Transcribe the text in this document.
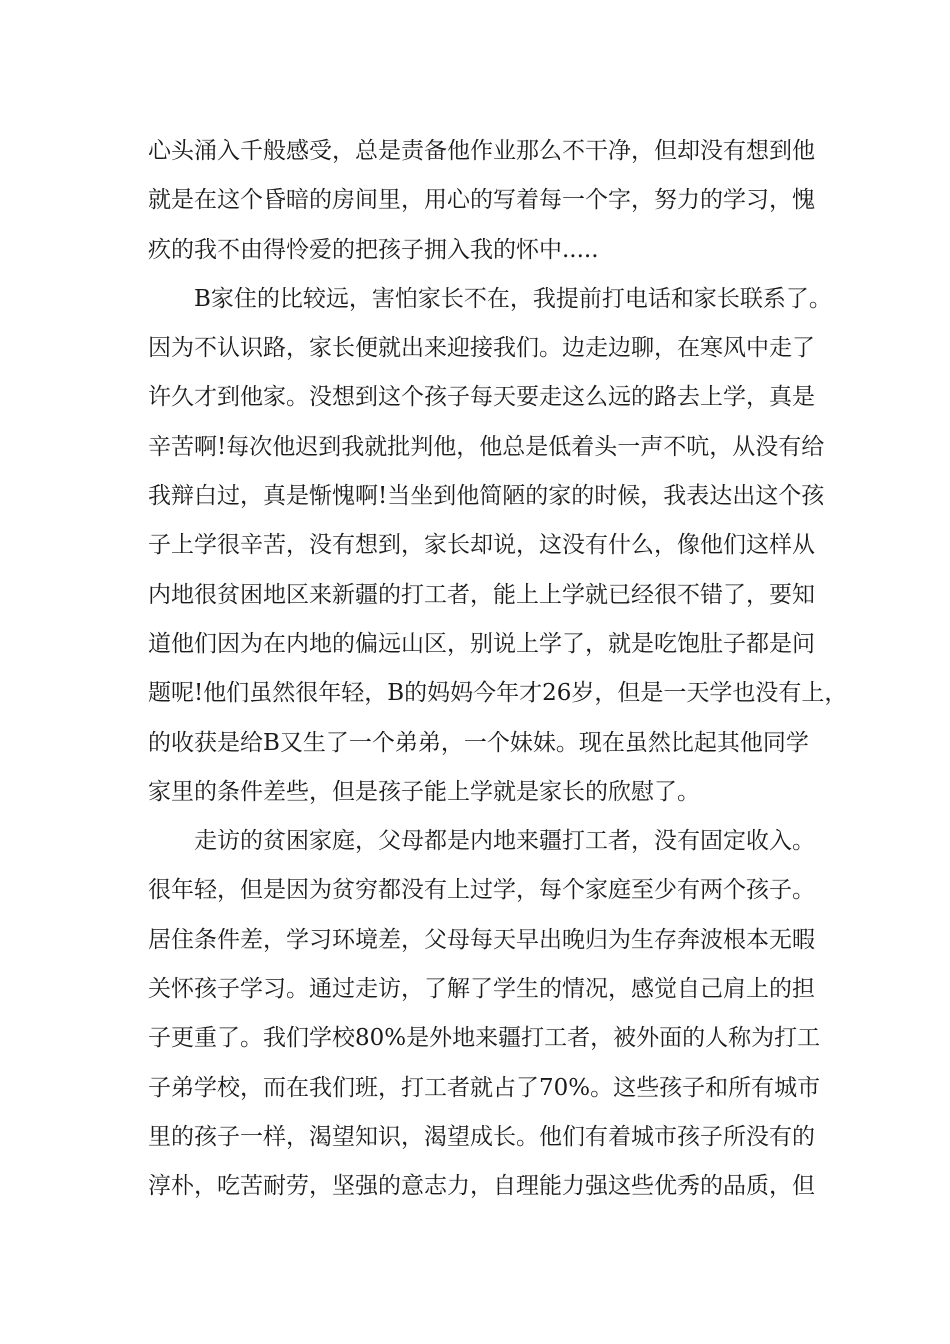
心头涌入千般感受，总是责备他作业那么不干净，但却没有想到他
就是在这个昏暗的房间里，用心的写着每一个字，努力的学习，愧
疚的我不由得怜爱的把孩子拥入我的怀中.....
B家住的比较远，害怕家长不在，我提前打电话和家长联系了。
因为不认识路，家长便就出来迎接我们。边走边聊，在寒风中走了
许久才到他家。没想到这个孩子每天要走这么远的路去上学，真是
辛苦啊!每次他迟到我就批判他，他总是低着头一声不吭，从没有给
我辩白过，真是惭愧啊!当坐到他简陋的家的时候，我表达出这个孩
子上学很辛苦，没有想到，家长却说，这没有什么，像他们这样从
内地很贫困地区来新疆的打工者，能上上学就已经很不错了，要知
道他们因为在内地的偏远山区，别说上学了，就是吃饱肚子都是问
题呢!他们虽然很年轻，B的妈妈今年才26岁，但是一天学也没有上，
的收获是给B又生了一个弟弟，一个妹妹。现在虽然比起其他同学
家里的条件差些，但是孩子能上学就是家长的欣慰了。
走访的贫困家庭，父母都是内地来疆打工者，没有固定收入。
很年轻，但是因为贫穷都没有上过学，每个家庭至少有两个孩子。
居住条件差，学习环境差，父母每天早出晚归为生存奔波根本无暇
关怀孩子学习。通过走访，了解了学生的情况，感觉自己肩上的担
子更重了。我们学校80%是外地来疆打工者，被外面的人称为打工
子弟学校，而在我们班，打工者就占了70%。这些孩子和所有城市
里的孩子一样，渴望知识，渴望成长。他们有着城市孩子所没有的
淳朴，吃苦耐劳，坚强的意志力，自理能力强这些优秀的品质，但
